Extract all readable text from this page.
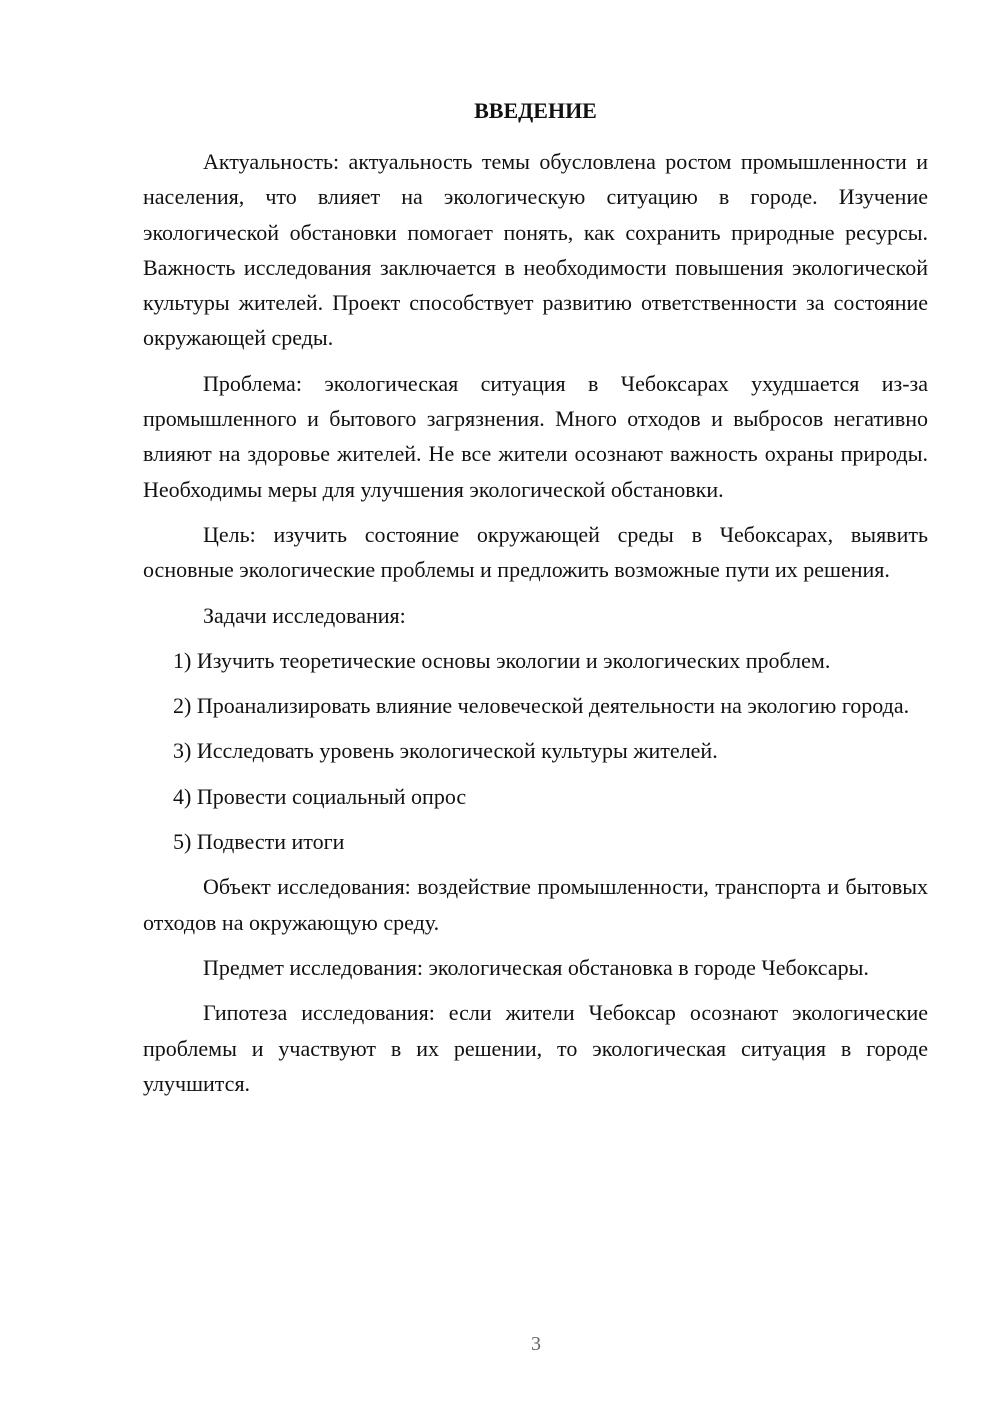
ВВЕДЕНИЕ

Актуальность: актуальность темы обусловлена ростом промышленности и населения, что влияет на экологическую ситуацию в городе. Изучение экологической обстановки помогает понять, как сохранить природные ресурсы. Важность исследования заключается в необходимости повышения экологической культуры жителей. Проект способствует развитию ответственности за состояние окружающей среды.

Проблема: экологическая ситуация в Чебоксарах ухудшается из-за промышленного и бытового загрязнения. Много отходов и выбросов негативно влияют на здоровье жителей. Не все жители осознают важность охраны природы. Необходимы меры для улучшения экологической обстановки.

Цель: изучить состояние окружающей среды в Чебоксарах, выявить основные экологические проблемы и предложить возможные пути их решения.

Задачи исследования:

1) Изучить теоретические основы экологии и экологических проблем.

2) Проанализировать влияние человеческой деятельности на экологию города.

3) Исследовать уровень экологической культуры жителей.

4) Провести социальный опрос

5) Подвести итоги

Объект исследования: воздействие промышленности, транспорта и бытовых отходов на окружающую среду.

Предмет исследования: экологическая обстановка в городе Чебоксары.

Гипотеза исследования: если жители Чебоксар осознают экологические проблемы и участвуют в их решении, то экологическая ситуация в городе улучшится.

3
